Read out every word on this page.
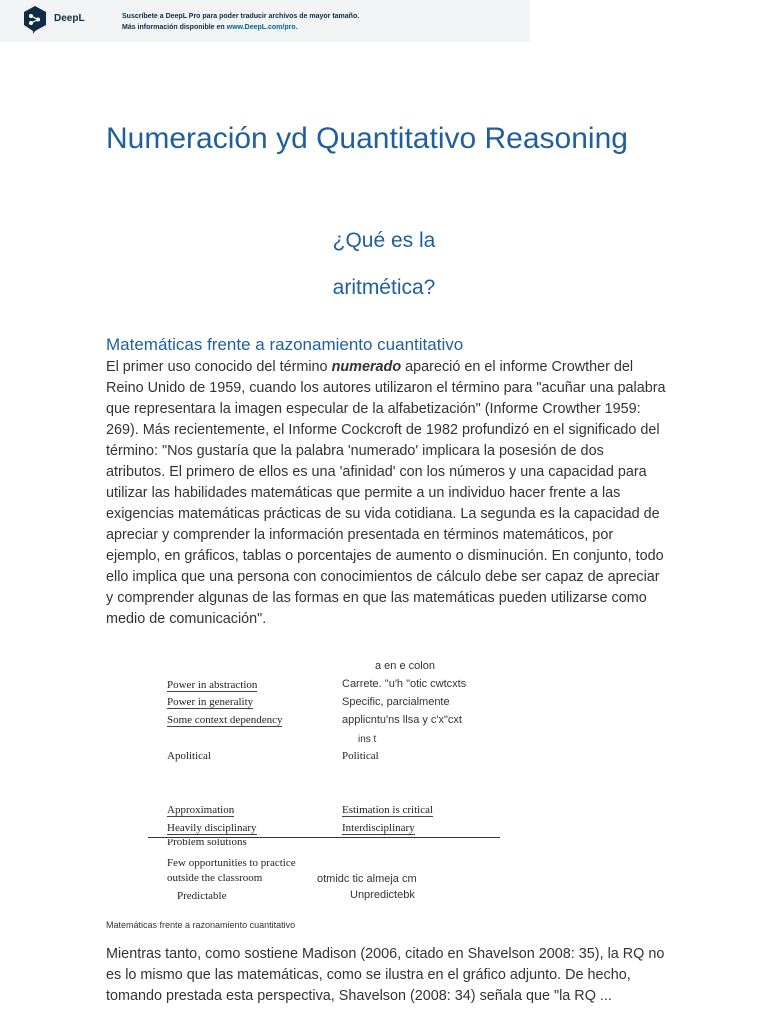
DeepL	Suscríbete a DeepL Pro para poder traducir archivos de mayor tamaño.
Más información disponible en www.DeepL.com/pro.
Numeración yd Quantitativo Reasoning
¿Qué es la
aritmética?
Matemáticas frente a razonamiento cuantitativo
El primer uso conocido del término numerado apareció en el informe Crowther del Reino Unido de 1959, cuando los autores utilizaron el término para "acuñar una palabra que representara la imagen especular de la alfabetización" (Informe Crowther 1959: 269). Más recientemente, el Informe Cockcroft de 1982 profundizó en el significado del término: "Nos gustaría que la palabra 'numerado' implicara la posesión de dos atributos. El primero de ellos es una 'afinidad' con los números y una capacidad para utilizar las habilidades matemáticas que permite a un individuo hacer frente a las exigencias matemáticas prácticas de su vida cotidiana. La segunda es la capacidad de apreciar y comprender la información presentada en términos matemáticos, por ejemplo, en gráficos, tablas o porcentajes de aumento o disminución. En conjunto, todo ello implica que una persona con conocimientos de cálculo debe ser capaz de apreciar y comprender algunas de las formas en que las matemáticas pueden utilizarse como medio de comunicación".
a en e colon
Power in abstraction
Power in generality
Some context dependency
Apolitical
Approximation
Heavily disciplinary
Problem solutions
Few opportunities to practice
outside the classroom
Predictable
Carrete. "u'h "otic cwtcxts
Specific, parcialmente
applicntu'ns llsa y c'x"cxt
ins t
Political
Estimation is critical
Interdisciplinary
otmidc tic almeja cm
Unpredictebk
Matemáticas frente a razonamiento cuantitativo
Mientras tanto, como sostiene Madison (2006, citado en Shavelson 2008: 35), la RQ no es lo mismo que las matemáticas, como se ilustra en el gráfico adjunto. De hecho, tomando prestada esta perspectiva, Shavelson (2008: 34) señala que "la RQ ...
